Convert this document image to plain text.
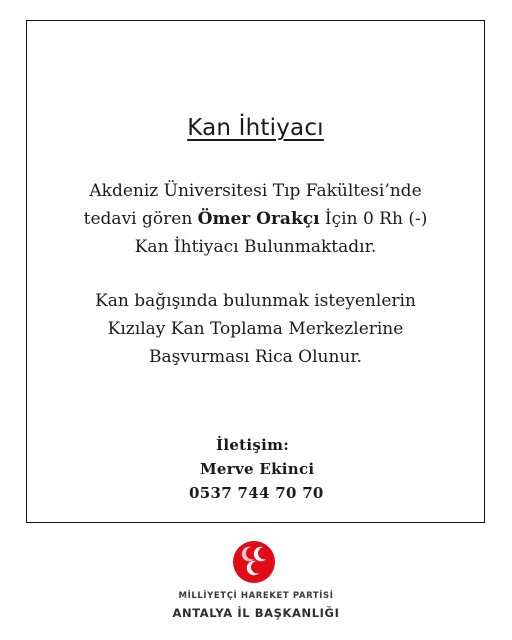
Kan İhtiyacı
Akdeniz Üniversitesi Tıp Fakültesi’nde
tedavi gören Ömer Orakçı İçin 0 Rh (-)
Kan İhtiyacı Bulunmaktadır.
Kan bağışında bulunmak isteyenlerin
Kızılay Kan Toplama Merkezlerine
Başvurması Rica Olunur.
İletişim:
Merve Ekinci
0537 744 70 70
MİLLİYETÇİ HAREKET PARTİSİ
ANTALYA İL BAŞKANLIĞI
